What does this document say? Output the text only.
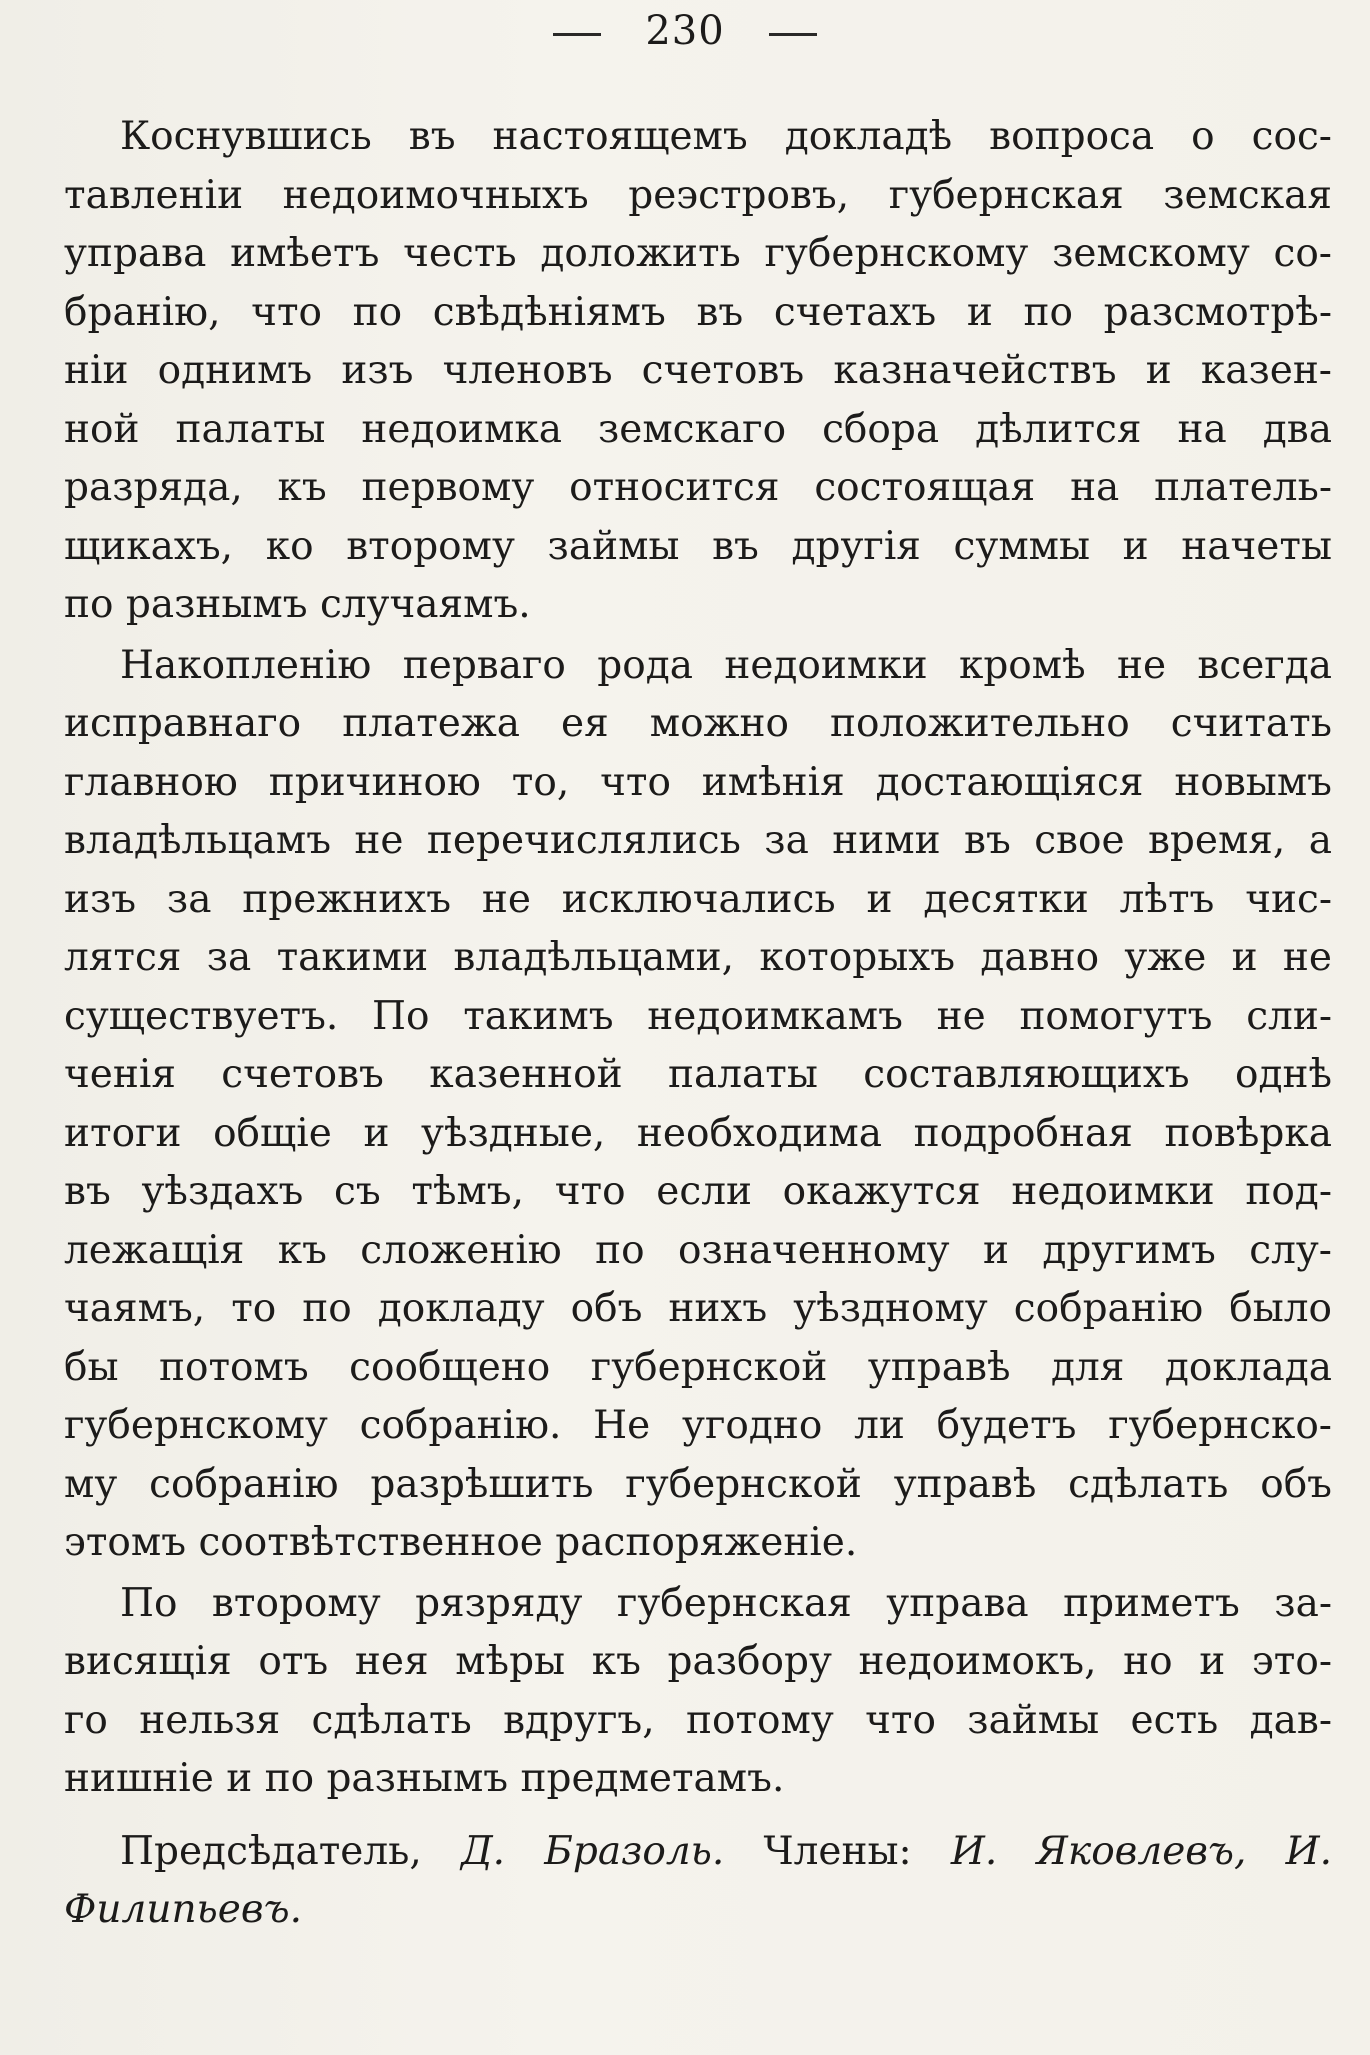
230
Коснувшись въ настоящемъ докладѣ вопроса о сос-
тавленіи недоимочныхъ реэстровъ, губернская земская
управа имѣетъ честь доложить губернскому земскому со-
бранію, что по свѣдѣніямъ въ счетахъ и по разсмотрѣ-
ніи однимъ изъ членовъ счетовъ казначействъ и казен-
ной палаты недоимка земскаго сбора дѣлится на два
разряда, къ первому относится состоящая на платель-
щикахъ, ко второму займы въ другія суммы и начеты
по разнымъ случаямъ.
Накопленію перваго рода недоимки кромѣ не всегда
исправнаго платежа ея можно положительно считать
главною причиною то, что имѣнія достающіяся новымъ
владѣльцамъ не перечислялись за ними въ свое время, а
изъ за прежнихъ не исключались и десятки лѣтъ чис-
лятся за такими владѣльцами, которыхъ давно уже и не
существуетъ. По такимъ недоимкамъ не помогутъ сли-
ченія счетовъ казенной палаты составляющихъ однѣ
итоги общіе и уѣздные, необходима подробная повѣрка
въ уѣздахъ съ тѣмъ, что если окажутся недоимки под-
лежащія къ сложенію по означенному и другимъ слу-
чаямъ, то по докладу объ нихъ уѣздному собранію было
бы потомъ сообщено губернской управѣ для доклада
губернскому собранію. Не угодно ли будетъ губернско-
му собранію разрѣшить губернской управѣ сдѣлать объ
этомъ соотвѣтственное распоряженіе.
По второму рязряду губернская управа приметъ за-
висящія отъ нея мѣры къ разбору недоимокъ, но и это-
го нельзя сдѣлать вдругъ, потому что займы есть дав-
нишніе и по разнымъ предметамъ.
Предсѣдатель, Д. Бразоль. Члены: И. Яковлевъ, И.
Филипьевъ.
